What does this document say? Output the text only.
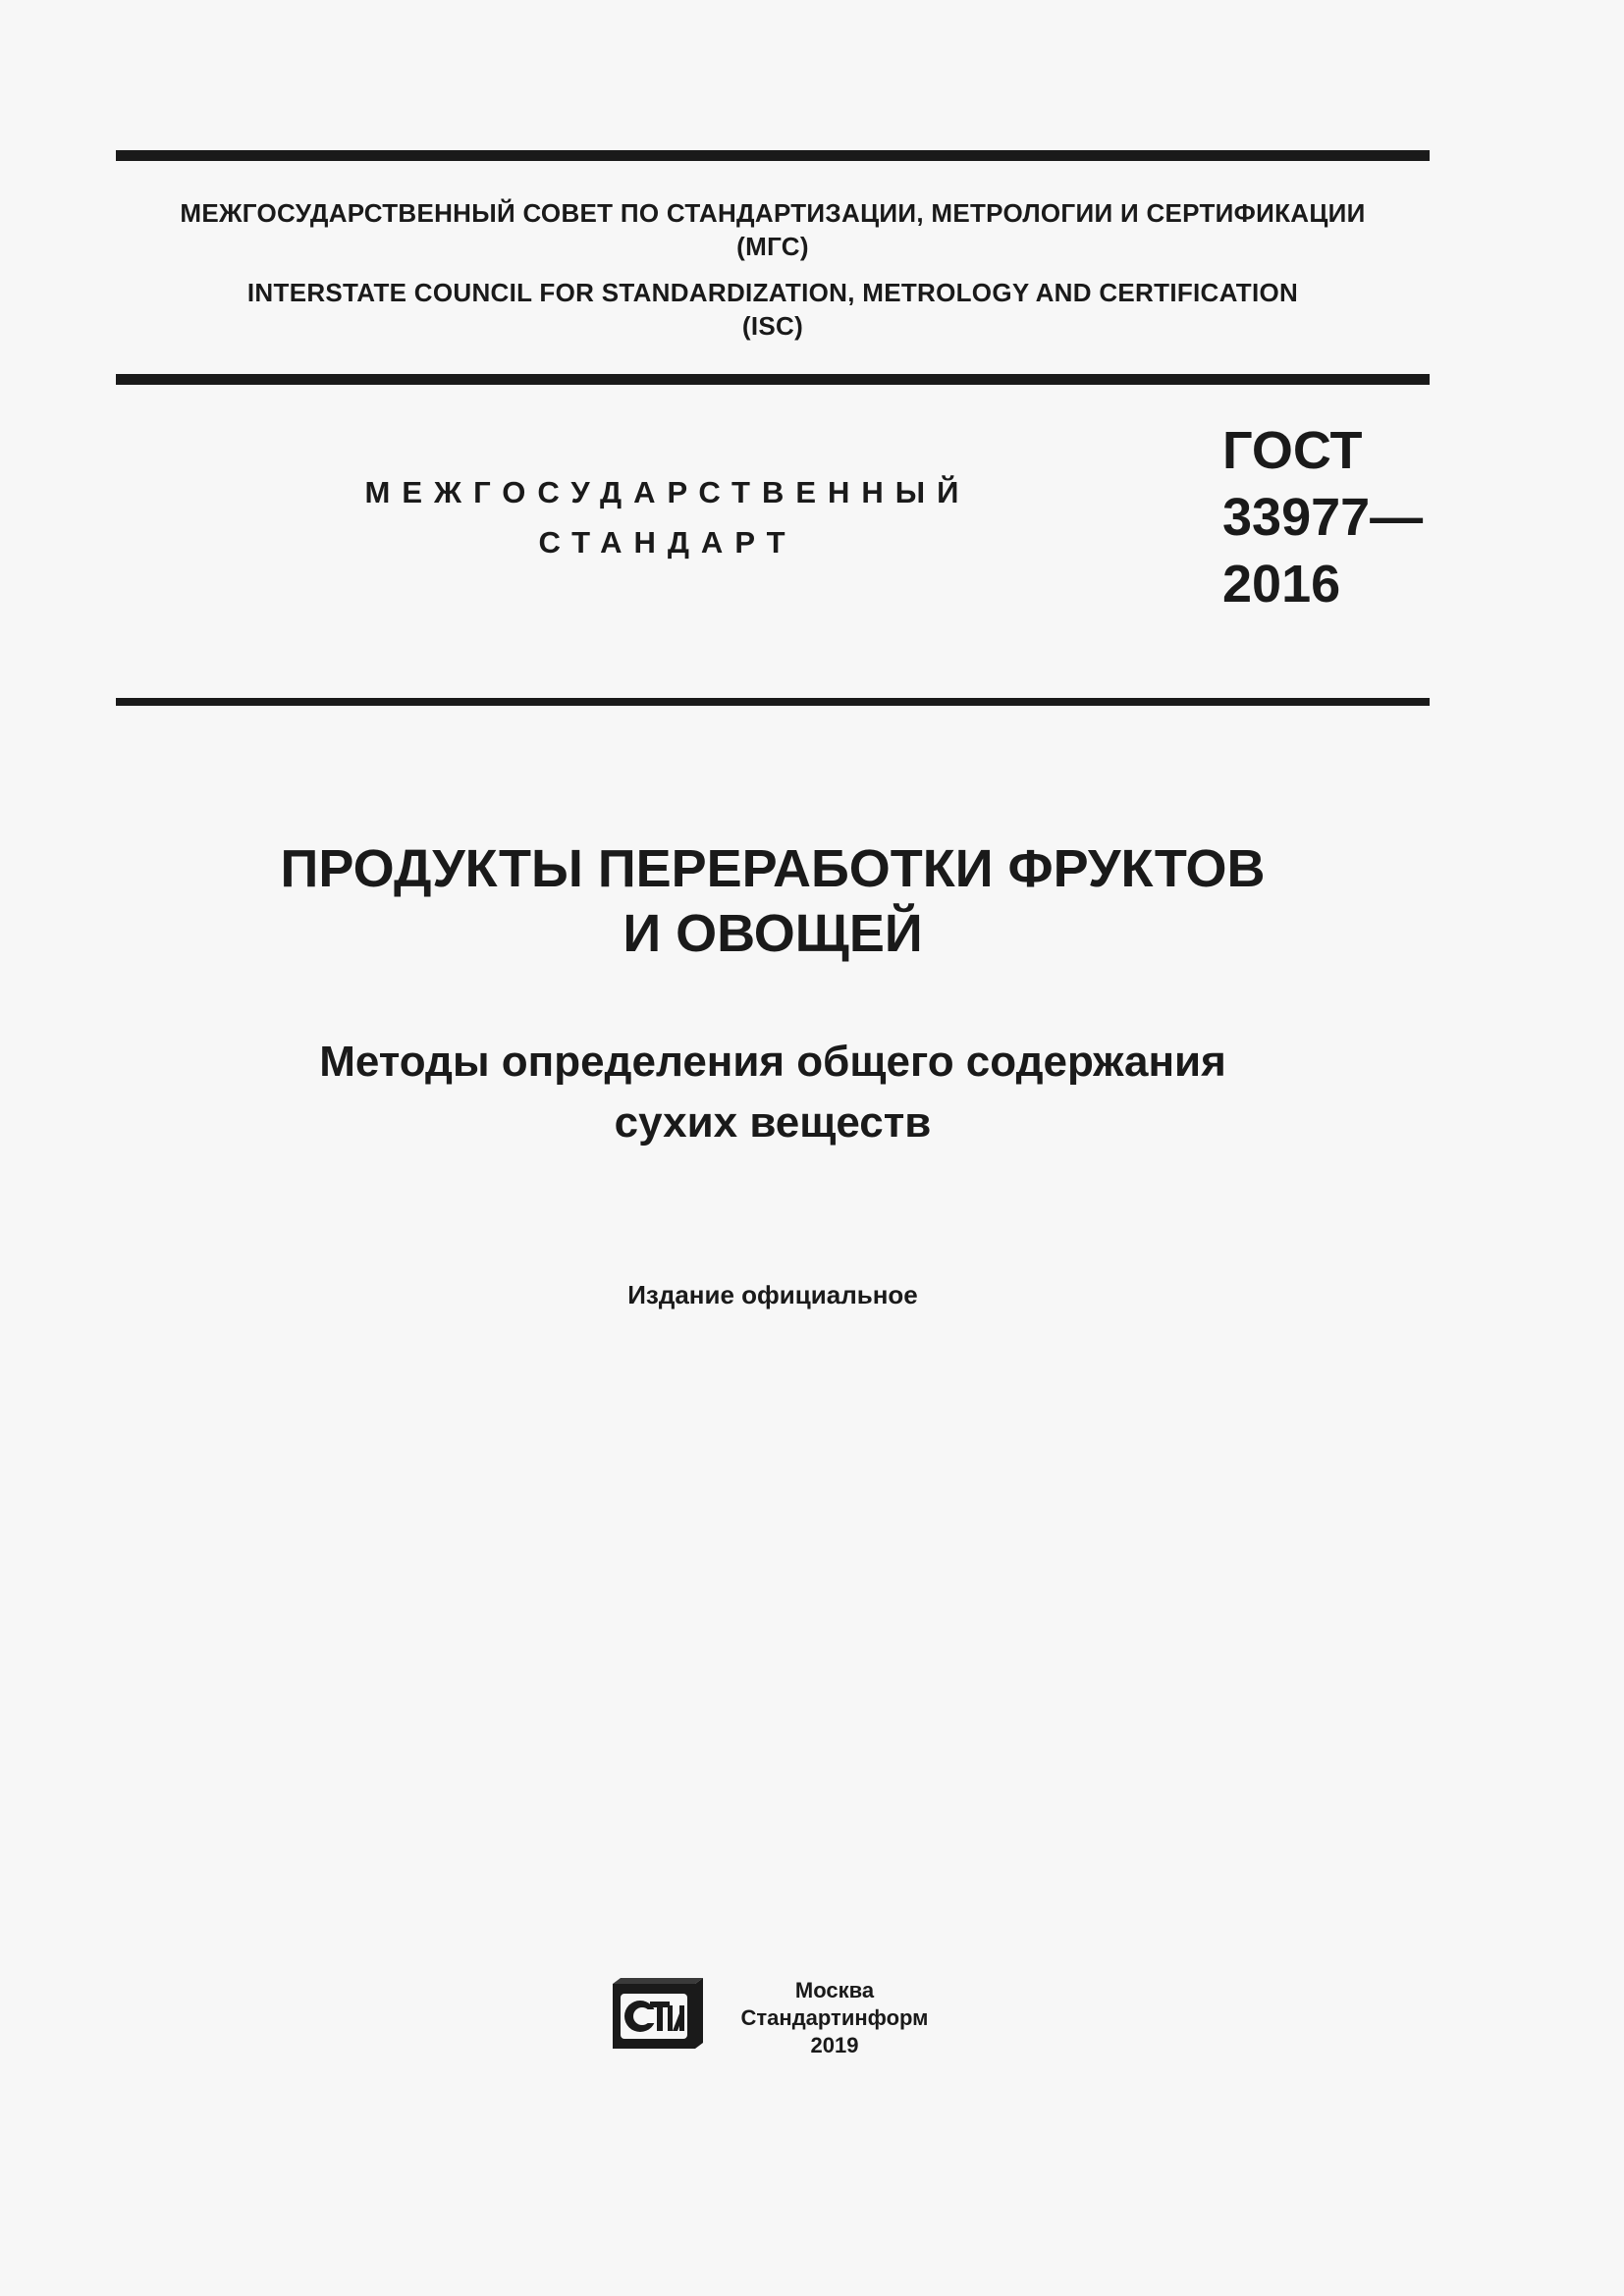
МЕЖГОСУДАРСТВЕННЫЙ СОВЕТ ПО СТАНДАРТИЗАЦИИ, МЕТРОЛОГИИ И СЕРТИФИКАЦИИ
(МГС)
INTERSTATE COUNCIL FOR STANDARDIZATION, METROLOGY AND CERTIFICATION
(ISC)
МЕЖГОСУДАРСТВЕННЫЙ
СТАНДАРТ
ГОСТ
33977—
2016
ПРОДУКТЫ ПЕРЕРАБОТКИ ФРУКТОВ
И ОВОЩЕЙ
Методы определения общего содержания
сухих веществ
Издание официальное
Москва
Стандартинформ
2019
